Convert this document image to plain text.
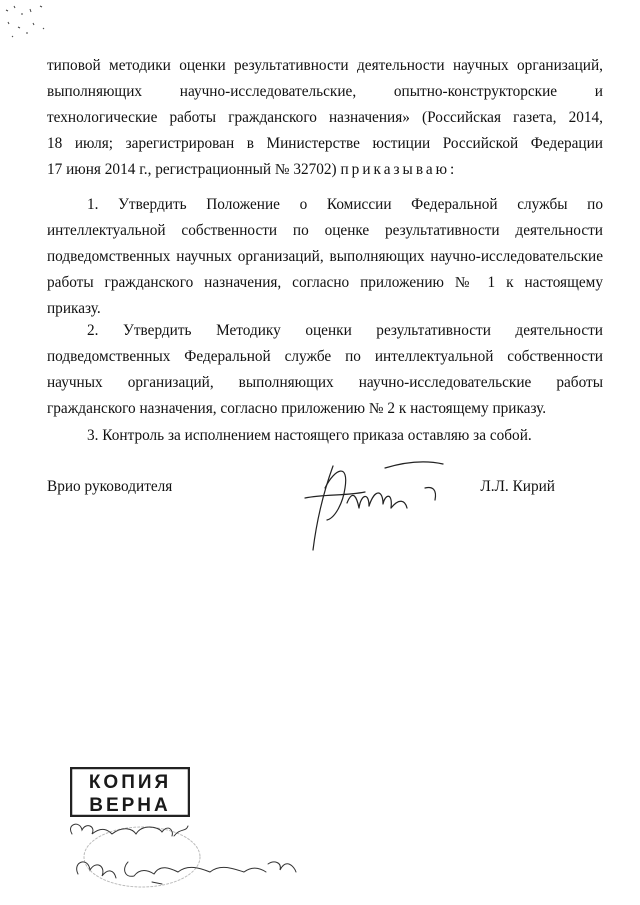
типовой методики оценки результативности деятельности научных организаций,
выполняющих научно-исследовательские, опытно-конструкторские и
технологические работы гражданского назначения» (Российская газета, 2014,
18 июля; зарегистрирован в Министерстве юстиции Российской Федерации
17 июня 2014 г., регистрационный № 32702) приказываю:
1. Утвердить Положение о Комиссии Федеральной службы по
интеллектуальной собственности по оценке результативности деятельности
подведомственных научных организаций, выполняющих научно-исследовательские
работы гражданского назначения, согласно приложению № 1 к настоящему
приказу.
2. Утвердить Методику оценки результативности деятельности
подведомственных Федеральной службе по интеллектуальной собственности
научных организаций, выполняющих научно-исследовательские работы
гражданского назначения, согласно приложению № 2 к настоящему приказу.
3. Контроль за исполнением настоящего приказа оставляю за собой.
Врио руководителя	Л.Л. Кирий
КОПИЯ
ВЕРНА
